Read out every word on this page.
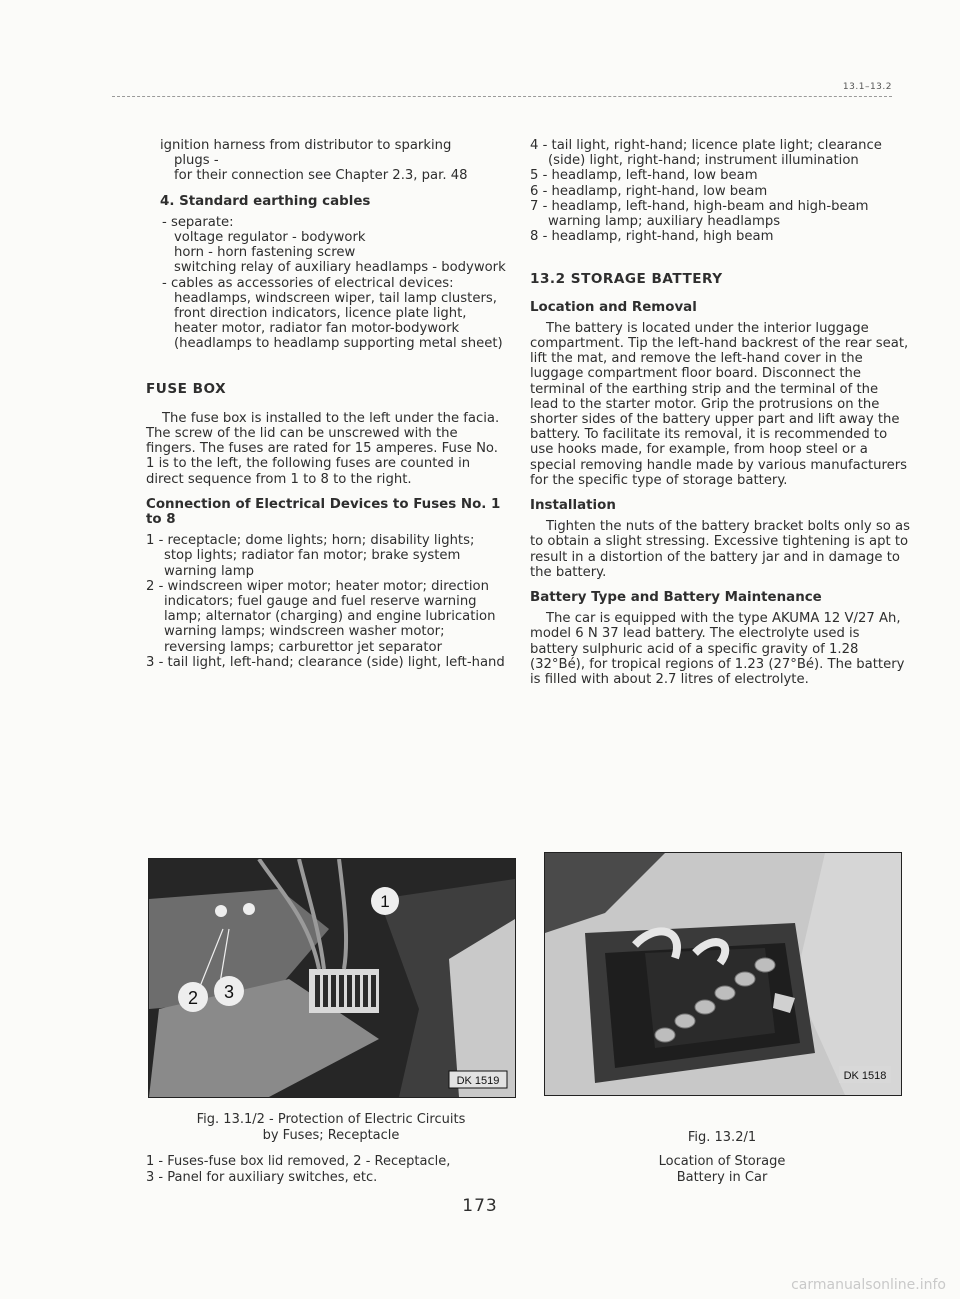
13.1–13.2

ignition harness from distributor to sparking

plugs -

for their connection see Chapter 2.3, par. 48

4. Standard earthing cables

- separate:

voltage regulator - bodywork

horn - horn fastening screw

switching relay of auxiliary headlamps - bodywork

- cables as accessories of electrical devices: headlamps, windscreen wiper, tail lamp clusters, front direction indicators, licence plate light, heater motor, radiator fan motor-bodywork (headlamps to headlamp supporting metal sheet)

FUSE BOX

The fuse box is installed to the left under the facia. The screw of the lid can be unscrewed with the fingers. The fuses are rated for 15 amperes. Fuse No. 1 is to the left, the following fuses are counted in direct sequence from 1 to 8 to the right.

Connection of Electrical Devices to Fuses No. 1 to 8

1 - receptacle; dome lights; horn; disability lights; stop lights; radiator fan motor; brake system warning lamp

2 - windscreen wiper motor; heater motor; direction indicators; fuel gauge and fuel reserve warning lamp; alternator (charging) and engine lubrication warning lamps; windscreen washer motor; reversing lamps; carburettor jet separator

3 - tail light, left-hand; clearance (side) light, left-hand

4 - tail light, right-hand; licence plate light; clearance (side) light, right-hand; instrument illumination

5 - headlamp, left-hand, low beam

6 - headlamp, right-hand, low beam

7 - headlamp, left-hand, high-beam and high-beam warning lamp; auxiliary headlamps

8 - headlamp, right-hand, high beam

13.2 STORAGE BATTERY

Location and Removal

The battery is located under the interior luggage compartment. Tip the left-hand backrest of the rear seat, lift the mat, and remove the left-hand cover in the luggage compartment floor board. Disconnect the terminal of the earthing strip and the terminal of the lead to the starter motor. Grip the protrusions on the shorter sides of the battery upper part and lift away the battery. To facilitate its removal, it is recommended to use hooks made, for example, from hoop steel or a special removing handle made by various manufacturers for the specific type of storage battery.

Installation

Tighten the nuts of the battery bracket bolts only so as to obtain a slight stressing. Excessive tightening is apt to result in a distortion of the battery jar and in damage to the battery.

Battery Type and Battery Maintenance

The car is equipped with the type AKUMA 12 V/27 Ah, model 6 N 37 lead battery. The electrolyte used is battery sulphuric acid of a specific gravity of 1.28 (32°Bé), for tropical regions of 1.23 (27°Bé). The battery is filled with about 2.7 litres of electrolyte.

1
2 3
DK 1519	DK 1518
Fig. 13.1/2 - Protection of Electric Circuits
by Fuses; Receptacle
1 - Fuses-fuse box lid removed, 2 - Receptacle,
3 - Panel for auxiliary switches, etc.
Fig. 13.2/1
Location of Storage
Battery in Car
173
carmanualsonline.info
